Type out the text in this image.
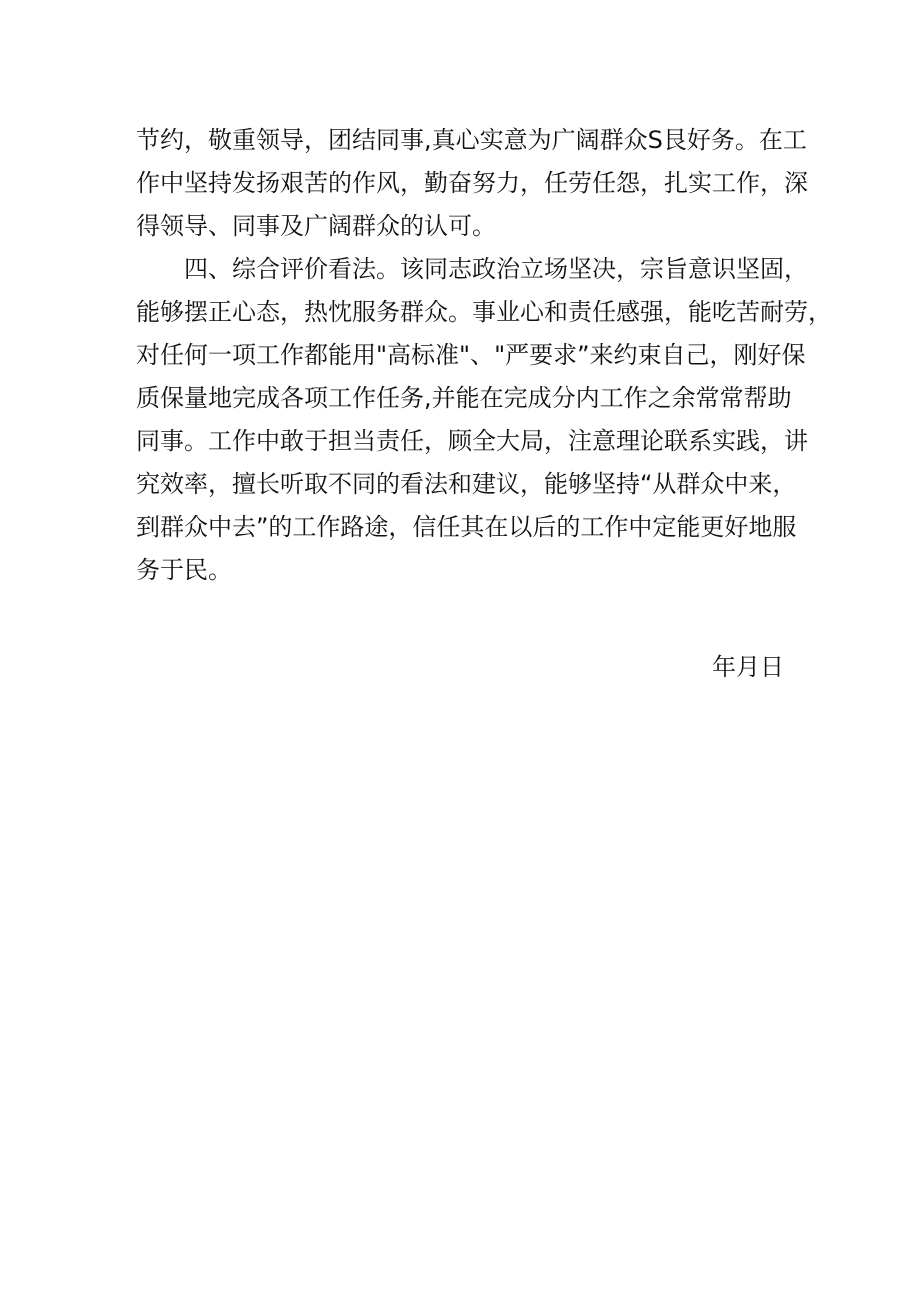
节约，敬重领导，团结同事,真心实意为广阔群众S艮好务。在工
作中坚持发扬艰苦的作风，勤奋努力，任劳任怨，扎实工作，深
得领导、同事及广阔群众的认可。
四、综合评价看法。该同志政治立场坚决，宗旨意识坚固，
能够摆正心态，热忱服务群众。事业心和责任感强，能吃苦耐劳，
对任何一项工作都能用"高标准"、"严要求”来约束自己，刚好保
质保量地完成各项工作任务,并能在完成分内工作之余常常帮助
同事。工作中敢于担当责任，顾全大局，注意理论联系实践，讲
究效率，擅长听取不同的看法和建议，能够坚持“从群众中来，
到群众中去”的工作路途，信任其在以后的工作中定能更好地服
务于民。
年月日
